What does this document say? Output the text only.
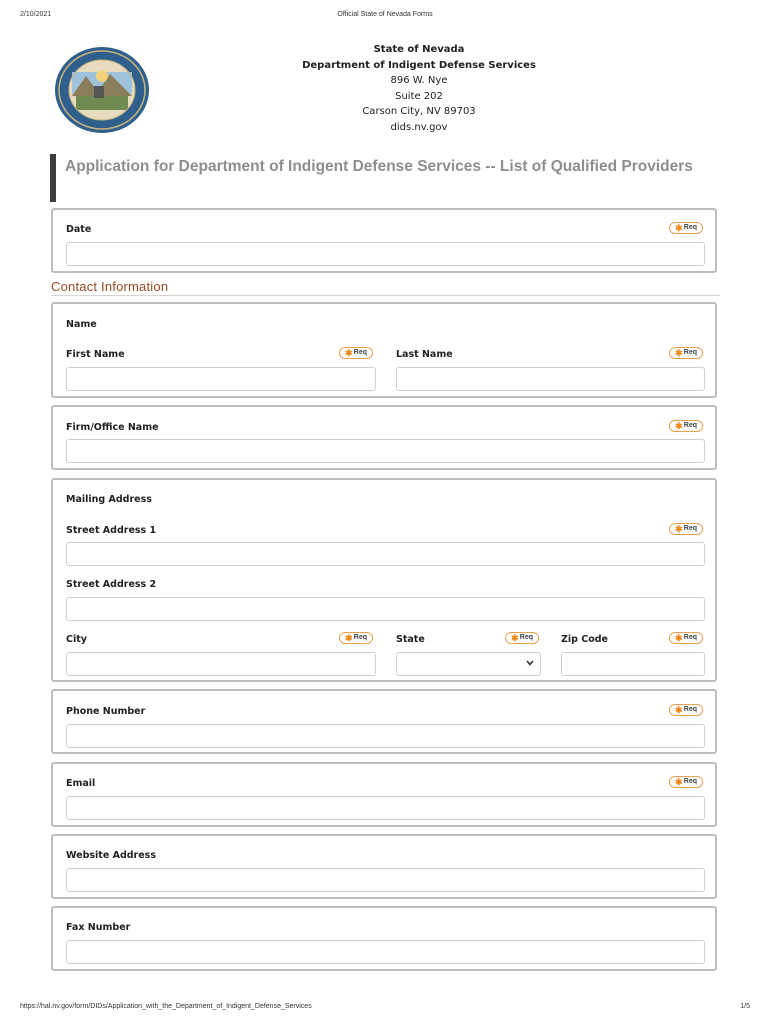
2/10/2021	Official State of Nevada Forms
State of Nevada
Department of Indigent Defense Services
896 W. Nye
Suite 202
Carson City, NV 89703
dids.nv.gov
Application for Department of Indigent Defense Services -- List of Qualified Providers
Date	✱ Req
Contact Information
Name
First Name	✱ Req	Last Name	✱ Req
Firm/Office Name	✱ Req
Mailing Address
Street Address 1	✱ Req
Street Address 2
City	✱ Req	State	✱ Req	Zip Code	✱ Req
Phone Number	✱ Req
Email	✱ Req
Website Address
Fax Number
https://hal.nv.gov/form/DIDs/Application_with_the_Department_of_Indigent_Defense_Services	1/5
